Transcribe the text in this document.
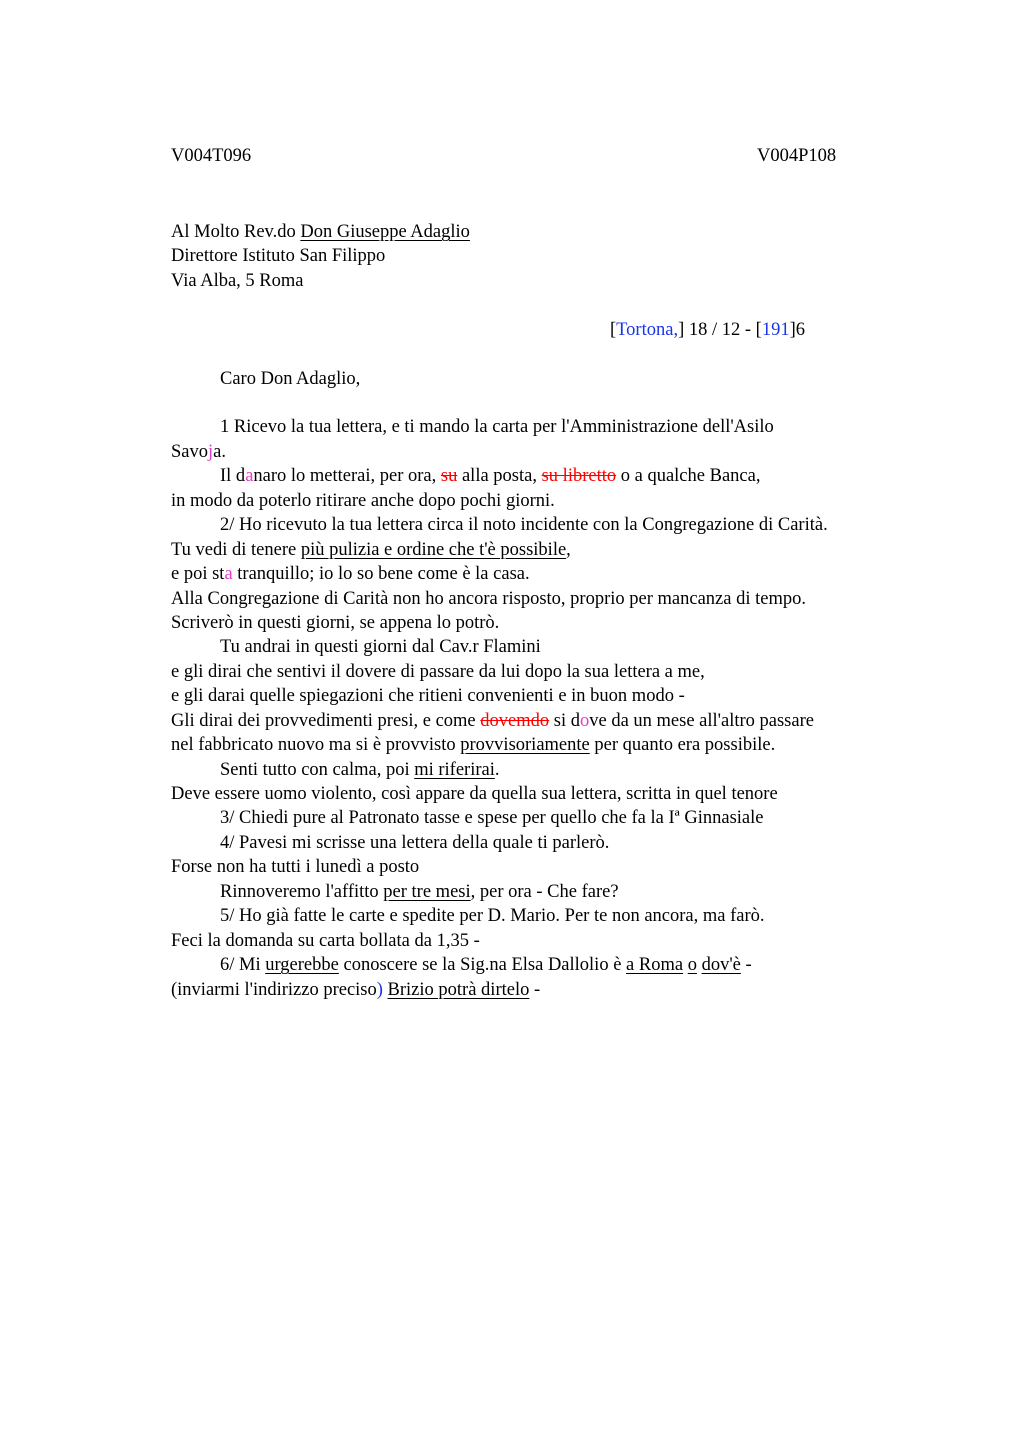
V004T096	V004P108
Al Molto Rev.do Don Giuseppe Adaglio
Direttore Istituto San Filippo
Via Alba, 5 Roma
[Tortona,] 18 / 12 - [191]6
Caro Don Adaglio,
1 Ricevo la tua lettera, e ti mando la carta per l'Amministrazione dell'Asilo
Savoja.
Il danaro lo metterai, per ora, su alla posta, su libretto o a qualche Banca,
in modo da poterlo ritirare anche dopo pochi giorni.
2/ Ho ricevuto la tua lettera circa il noto incidente con la Congregazione di Carità.
Tu vedi di tenere più pulizia e ordine che t'è possibile,
e poi sta tranquillo; io lo so bene come è la casa.
Alla Congregazione di Carità non ho ancora risposto, proprio per mancanza di tempo.
Scriverò in questi giorni, se appena lo potrò.
Tu andrai in questi giorni dal Cav.r Flamini
e gli dirai che sentivi il dovere di passare da lui dopo la sua lettera a me,
e gli darai quelle spiegazioni che ritieni convenienti e in buon modo -
Gli dirai dei provvedimenti presi, e come dovemdo si dove da un mese all'altro passare
nel fabbricato nuovo ma si è provvisto provvisoriamente per quanto era possibile.
Senti tutto con calma, poi mi riferirai.
Deve essere uomo violento, così appare da quella sua lettera, scritta in quel tenore
3/ Chiedi pure al Patronato tasse e spese per quello che fa la Iª Ginnasiale
4/ Pavesi mi scrisse una lettera della quale ti parlerò.
Forse non ha tutti i lunedì a posto
Rinnoveremo l'affitto per tre mesi, per ora - Che fare?
5/ Ho già fatte le carte e spedite per D. Mario. Per te non ancora, ma farò.
Feci la domanda su carta bollata da 1,35 -
6/ Mi urgerebbe conoscere se la Sig.na Elsa Dallolio è a Roma o dov'è -
(inviarmi l'indirizzo preciso) Brizio potrà dirtelo -
